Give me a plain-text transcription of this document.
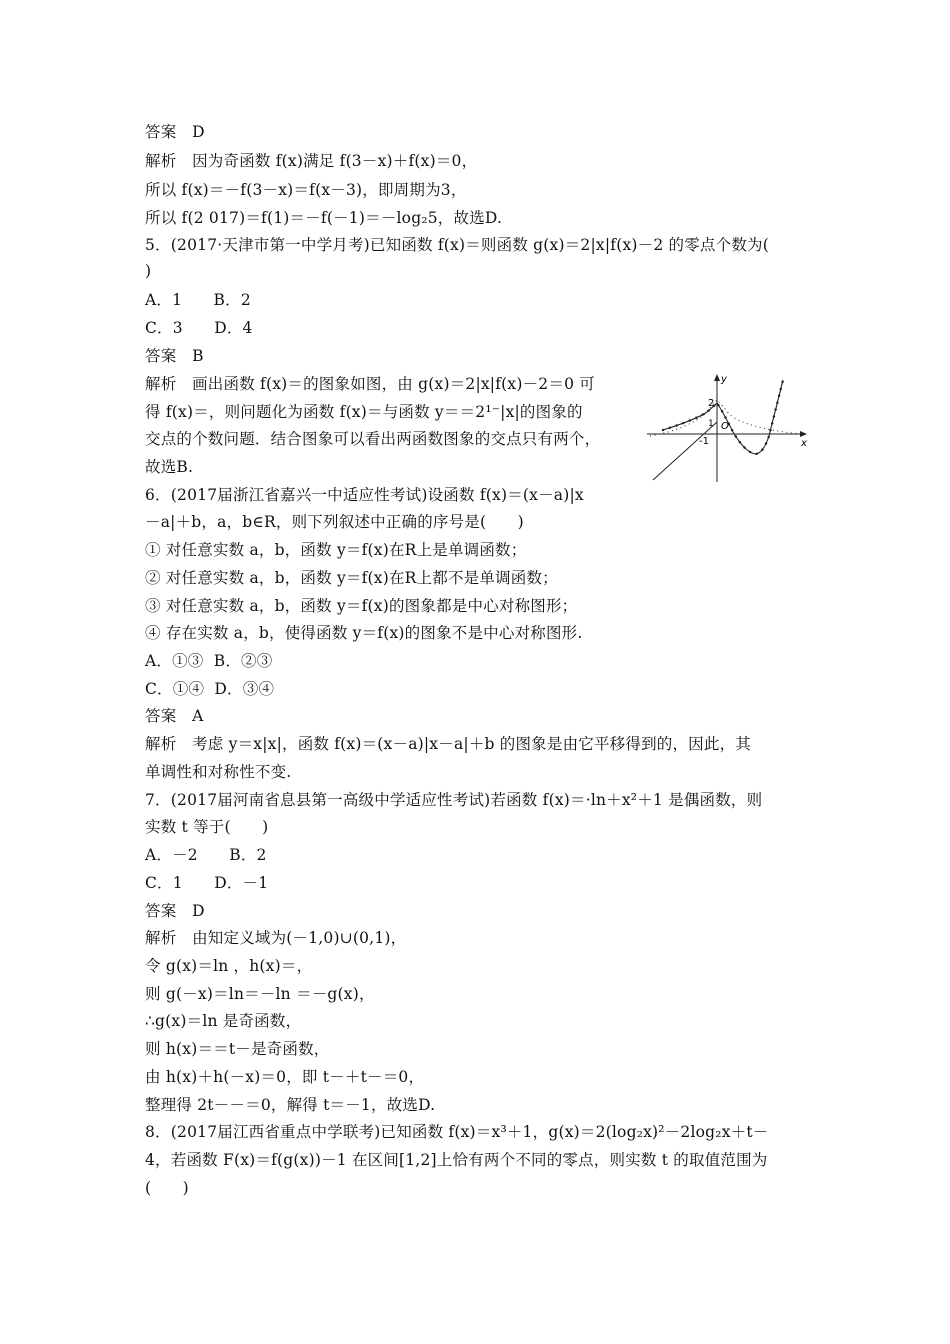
答案　D
解析　因为奇函数 f(x)满足 f(3－x)＋f(x)＝0，
所以 f(x)＝－f(3－x)＝f(x－3)，即周期为3，
所以 f(2 017)＝f(1)＝－f(－1)＝－log₂5，故选D.
5．(2017·天津市第一中学月考)已知函数 f(x)＝则函数 g(x)＝2|x|f(x)－2 的零点个数为(
)
A．1　　B．2
C．3　　D．4
答案　B
解析　画出函数 f(x)＝的图象如图，由 g(x)＝2|x|f(x)－2＝0 可
得 f(x)＝，则问题化为函数 f(x)＝与函数 y＝＝2¹⁻|x|的图象的
交点的个数问题．结合图象可以看出两函数图象的交点只有两个，
故选B.
6．(2017届浙江省嘉兴一中适应性考试)设函数 f(x)＝(x－a)|x
－a|＋b，a，b∈R，则下列叙述中正确的序号是(　　)
① 对任意实数 a，b，函数 y＝f(x)在R上是单调函数；
② 对任意实数 a，b，函数 y＝f(x)在R上都不是单调函数；
③ 对任意实数 a，b，函数 y＝f(x)的图象都是中心对称图形；
④ 存在实数 a，b，使得函数 y＝f(x)的图象不是中心对称图形.
A．①③  B．②③
C．①④  D．③④
答案　A
解析　考虑 y＝x|x|，函数 f(x)＝(x－a)|x－a|＋b 的图象是由它平移得到的，因此，其
单调性和对称性不变.
7．(2017届河南省息县第一高级中学适应性考试)若函数 f(x)＝·ln＋x²＋1 是偶函数，则
实数 t 等于(　　)
A．－2　　B．2
C．1　　D．－1
答案　D
解析　由知定义域为(－1,0)∪(0,1)，
令 g(x)＝ln ，h(x)＝，
则 g(－x)＝ln＝－ln ＝－g(x)，
∴g(x)＝ln 是奇函数，
则 h(x)＝＝t－是奇函数，
由 h(x)＋h(－x)＝0，即 t－＋t－＝0，
整理得 2t－－＝0，解得 t＝－1，故选D.
8．(2017届江西省重点中学联考)已知函数 f(x)＝x³＋1，g(x)＝2(log₂x)²－2log₂x＋t－
4，若函数 F(x)＝f(g(x))－1 在区间[1,2]上恰有两个不同的零点，则实数 t 的取值范围为
(　　)
y
x
O
2
1
-1
